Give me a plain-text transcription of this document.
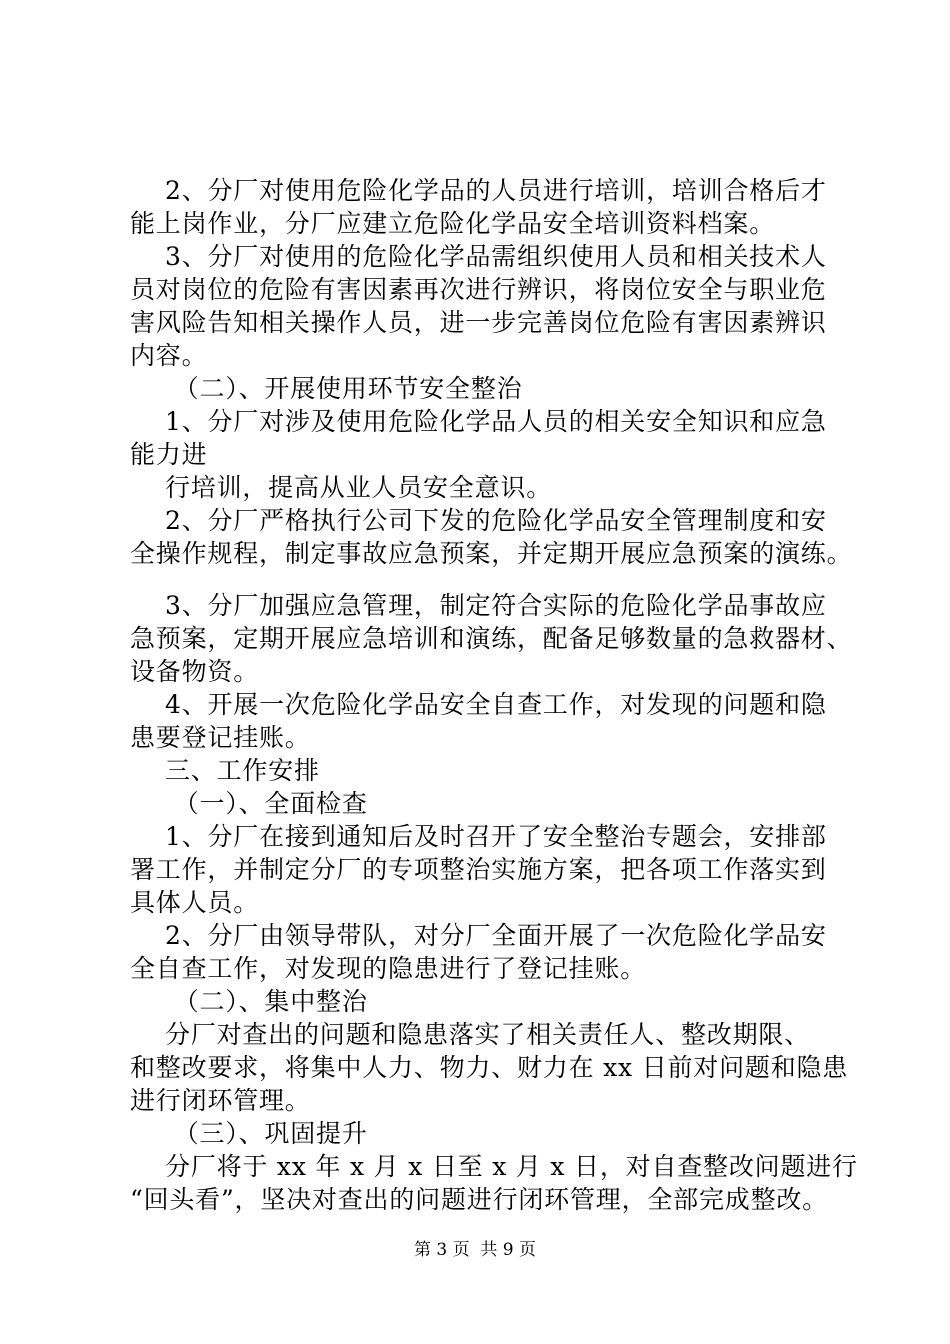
2、分厂对使用危险化学品的人员进行培训，培训合格后才
能上岗作业，分厂应建立危险化学品安全培训资料档案。
3、分厂对使用的危险化学品需组织使用人员和相关技术人
员对岗位的危险有害因素再次进行辨识，将岗位安全与职业危
害风险告知相关操作人员，进一步完善岗位危险有害因素辨识
内容。
（二）、开展使用环节安全整治
1、分厂对涉及使用危险化学品人员的相关安全知识和应急
能力进
行培训，提高从业人员安全意识。
2、分厂严格执行公司下发的危险化学品安全管理制度和安
全操作规程，制定事故应急预案，并定期开展应急预案的演练。
3、分厂加强应急管理，制定符合实际的危险化学品事故应
急预案，定期开展应急培训和演练，配备足够数量的急救器材、
设备物资。
4、开展一次危险化学品安全自查工作，对发现的问题和隐
患要登记挂账。
三、工作安排
（一）、全面检查
1、分厂在接到通知后及时召开了安全整治专题会，安排部
署工作，并制定分厂的专项整治实施方案，把各项工作落实到
具体人员。
2、分厂由领导带队，对分厂全面开展了一次危险化学品安
全自查工作，对发现的隐患进行了登记挂账。
（二）、集中整治
分厂对查出的问题和隐患落实了相关责任人、整改期限、
和整改要求，将集中人力、物力、财力在 xx 日前对问题和隐患
进行闭环管理。
（三）、巩固提升
分厂将于 xx 年 x 月 x 日至 x 月 x 日，对自查整改问题进行
“回头看”，坚决对查出的问题进行闭环管理，全部完成整改。
第 3 页  共 9 页
